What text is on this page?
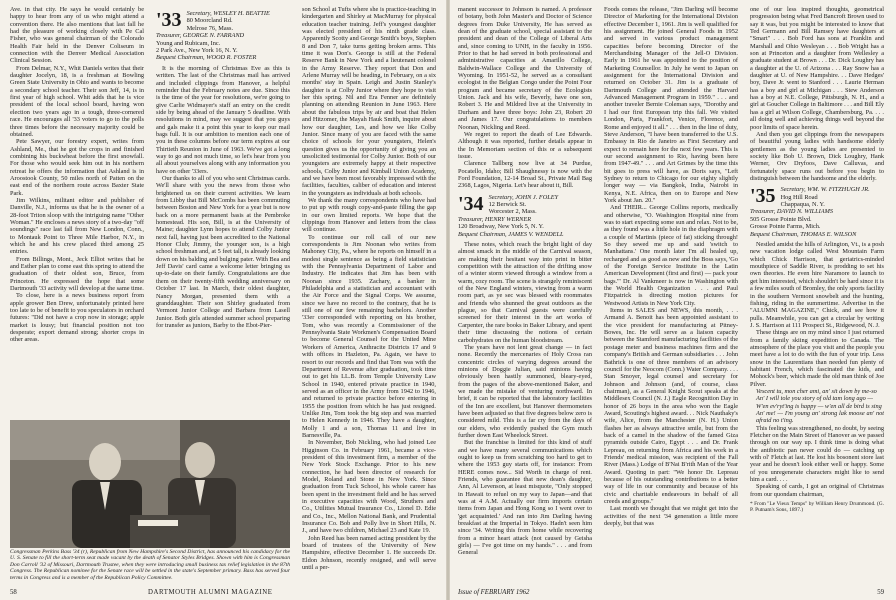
Ave. in that city. He says he would certainly be happy to hear from any of us who might attend a convention there. He also mentions that last fall he had the pleasure of working closely with Pe Cal Fisher, who was general chairman of the Colorado Health Fair held in the Denver Coliseum in connection with the Denver Medical Association Clinical Session.

From Delmar, N.Y., Whit Daniels writes that their daughter Jocelyn, 18, is a freshman at Bowling Green State University in Ohio and wants to become a secondary school teacher. Their son Jeff, 14, is in first year of high school. Whit adds that he is vice president of the local school board, having won election two years ago in a tough, three-cornered race. He encourages all '33 voters to go to the polls three times before the necessary majority could be obtained.

Pete Sawyer, our forestry expert, writes from Ashland, Me., that he got the crops in and finished combining his buckwheat before the first snowfall. For those who would seek him out in his northern retreat he offers the information that Ashland is in Aroostook County, 50 miles north of Patten on the east end of the northern route across Baxter State Park.

Jim Wilkins, militant editor and publisher of Danville, N.J., informs us that he is the owner of a 28-foot Triton sloop with the intriguing name "Other Woman." He encloses a news story of a two-day "off soundings" race last fall from New London, Conn., to Montauk Point to Three Mile Harbor, N.Y., in which he and his crew placed third among 25 entries.

From Billings, Mont., Jeck Elliot writes that he and Esther plan to come east this spring to attend the graduation of their oldest son, Bruce, from Princeton. He expressed the hope that some Dartmouth '33 activity will develop at the same time.

To close, here is a news business report from apple grower Ben Drew, unfortunately printed here too late to be of benefit to you speculators in orchard futures: "Did not have a crop now in storage; apple market is lousy; but financial position not too desperate; export demand strong; shorter crops in other areas.

'33 Secretary, WESLEY H. BEATTIE
80 Moorcland Rd.
Melrose 76, Mass.
Treasurer, GEORGE N. FARRAND
Young and Rubicam, Inc.
2 Park Ave., New York 16, N. Y.
Bequest Chairman, WOOD R. FOSTER

It is the morning of Christmas Eve as this is written. The last of the Christmas mail has arrived and included clippings from Hanover, a helpful reminder that the February notes are due. Since this is the time of the year for resolutions, we're going to give Carlie Widmayer's staff an entry on the credit side by being ahead of the January 5 deadline. With resolutions in mind, may we suggest that you guys and gals make it a point this year to keep our mail bags full. It is our ambition to mention each one of you in these columns before our term expires at our Thirtieth Reunion in June of 1963. We've got a long way to go and not much time, so let's hear from you all about yourselves along with any information you have on other '33ers.

Our thanks to all of you who sent Christmas cards. We'll share with you the news from those who brightened us on their current activities. We learn from Libby that Bill McCombs has been commuting between Boston and New York for a year but is now back on a more permanent basis at the Pembroke homestead. His son, Bill, is at the University of Maine; daughter Lynn hopes to attend Colby Junior next fall, having just been accredited to the National Honor Club; Jimmy, the younger son, is a high school freshman and, at 5 feet tall, is already looking down on his balding and bulging pater. With Bea and Jeff Davis' card came a welcome letter bringing us up-to-date on their family. Congratulations are due them on their twenty-fifth wedding anniversary on October 17 last. In March, their oldest daughter, Nancy Morgan, presented them with a granddaughter. Their son Shirley graduated from Vermont Junior College and Barbara from Lasell Junior. Both girls attended summer school preparing for transfer as juniors, Barby to the Ebot-Pier-

son School at Tufts where she is practice-teaching in kindergarten and Shirley at MacMurray for physical education teacher training. Jeff's youngest daughter was elected president of his ninth grade class. Apparently Scotty and George Smith's boys, Stephen 8 and Don 7, take turns getting broken arms. This time it was Don's. George is still at the Federal Reserve Bank in New York and a lieutenant colonel in the Army Reserve. They report that Don and Arlene Murray will be heading, in February, on a six months' stay in Spain. Leigh and Justin Stanley's daughter is at Colby Junior where they hope to visit her this spring. Nil and Era Fenner are definitely planning on attending Reunion in June 1963. Here about the fabulous trips by air and boat that Helen and Hitzomer, the Mayah Hauk Smith, inquire about how our daughter, Les, and how we like Colby Junior. Since many of you are faced with the same choice of schools for your youngsters, Helen's question gives us the opportunity of giving you an unsolicited testimonial for Colby Junior. Both of our youngsters are extremely happy at their respective schools, Colby Junior and Kimball Union Academy, and we have been most favorably impressed with the facilities, faculties, caliber of education and interest in the youngsters as individuals at both schools.

We thank the many correspondents who have had to put up with rough copy-and-paste filling the gap in our own limited reports. We hope that the clippings from Hanover and letters from the class will continue.

To continue our roll call of our new correspondents is Jim Noonan who writes from Mahoney City, Pa., where he reports on himself in a modest single sentence as being a field statistician with the Pennsylvania Department of Labor and Industry. He indicates that Jim has been with Noonan since 1935. Zachary, a banker in Philadelphia and a statistician and accountant with the Air Force and the Signal Corps. We assume, since we have no record to the contrary, that he is still one of our few remaining bachelors. Another '33er corresponded with reporting on his brother, Tom, who was recently a Commissioner of the Pennsylvania State Workmen's Compensation Board to become General Counsel for the United Mine Workers of America, Anthracite Districts 17 and 9 with offices in Hazleton, Pa. Again, we have to resort to our records and find that Tom was with the Department of Revenue after graduation, took time out to get his LL.B. from Temple University Law School in 1940, entered private practice in 1940, served as an officer in the Army from 1942 to 1946, and returned to private practice before entering in 1955 the position from which he has just resigned. Unlike Jim, Tom took the big step and was married to Helen Kennedy in 1946. They have a daughter, Molly 1 and a son, Thomas 11 and live in Barnesville, Pa.

In November, Bob Nickling, who had joined Lee Higginson Co. in February 1961, became a vice-president of this investment firm, a member of the New York Stock Exchange. Prior to his new connection, he had been director of research for Model, Roland and Stone in New York. Since graduation from Tuck School, his whole career has been spent in the investment field and he has served in executive capacities with Wood, Struthers and Co., Utilities Mutual Insurance Co., Lionel D. Edie and Co., Inc., Mellon National Bank, and Prudential Insurance Co. Bob and Polly live in Short Hills, N. J., and have two children, Michael 23 and Kate 19.

John Reed has been named acting president by the board of trustees of the University of New Hampshire, effective December 1. He succeeds Dr. Eldon Johnson, recently resigned, and will serve until a per-

Congressman Perkins Bass '34 (r), Republican from New Hampshire's Second District, has announced his candidacy for the U. S. Senate to fill the short-term seat made vacant by the death of Senator Styles Bridges. Shown with him is Congressman Don Carroll '32 of Missouri, Dartmouth Trustee, when they were introducing small business tax relief legislation in the 87th Congress. The Republican nominee for the Senate race will be settled in the state's September primary. Bass has served four terms in Congress and is a member of the Republican Policy Committee.
58	DARTMOUTH ALUMNI MAGAZINE

manent successor to Johnson is named. A professor of botany, both John Master's and Doctor of Science degrees from Duke University, He has served as dean of the graduate school, special assistant to the president and dean of the College of Liberal Arts and, since coming to UNH, in the faculty in 1956. Prior to that he had served in both professional and administrative capacities at Amarillo College, Baldwin-Wallace College and the University of Wyoming. In 1951-52, he served as a consultant ecologist in the Belgian Congo under the Point Four program and became secretary of the Ecologists Union. Jack and his wife, Beverly, have one son, Robert 3. He and Mildred live at the University in Durham and have three boys: John 23, Robert 20 and James 17. Our congratulations to members Noonan, Nickling and Reed.

We regret to report the death of Lee Edwards. Although it was reported, further details appear in the In Memoriam section of this or a subsequent issue.

Clarence Tallberg now live at 34 Purdue, Pocatello, Idaho; Bill Shaughnessy is now with the Ford Foundation, 12-14 Broad St., Private Mail Bag 2368, Lagos, Nigeria. Let's hear about it, Bill.

'34 Secretary, JOHN J. FOLEY
12 Berwick St.
Worcester 2, Mass.
Treasurer, HENRY WERNER
120 Broadway, New York 5, N. Y.
Bequest Chairman, JAMES V. WENDELL

These notes, which reach the bright light of day almost smack in the middle of the Carnival season, are making their hesitant way into print in bitter competition with the attraction of the drifting snow of a winter storm viewed through a window from a warm, cozy room. The scene is strangely reminiscent of the New England winters, viewing from a warm room part, as ye sec was blessed with roommates and friends who shunned the great outdoors as the plague, so that Carnival guests were carefully screened for their interest in the art works of Carpenter, the rare books in Baker Library, and spent their time discussing the notions of certain carbohydrates on the human bloodstream.

The years have not lent great change — in fact none. Recently the mercenaries of Holy Cross ran concentric circles of varying degrees around the minions of Doggie Julian, said minions having obviously been hastily summoned, bleary-eyed, from the pages of the above-mentioned Baker, and we made the mistake of venturing northward. In brief, it can be reported that the laboratory facilities of the Inn are excellent, but Hanover thermometers have been adjusted so that five degrees below zero is considered mild. This is a far cry from the days of our elders, who evidently pushed the Gym much further down East Wheelock Street.

But the franchise is limited for this kind of stuff and we have many several communications which ought to keep us from scratching too hard to get to where the 1953 guy starts off, for instance: From HERE comes now... Sid Worth in charge of rent. Friends, who guarantee that new dean's daughter, Ann, Al Levenson, at least misquote, "Only stopped in Hawaii to refuel on my way to Japan—and that was at 4 A.M. Actually our firm imports certain items from Japan and Hong Kong so I went over to 'get acquainted.' And ran into Jim Darling having breakfast at the Imperial in Tokyo. Hadn't seen him since '34. Writing this from home while recovering from a minor heart attack (not caused by Geisha girls) — I've got time on my hands." . . . and from General

Foods comes the release, "Jim Darling will become Director of Marketing for the International Division effective December 1, 1961. Jim is well qualified for his assignment. He joined General Foods in 1952 and served in various product management capacities before becoming Director of the Merchandising Manager of the Jell-O Division. Early in 1961 he was appointed to the position of Marketing Counsellor. In July he went to Japan on assignment for the International Division and returned on October 31. Jim is a graduate of Dartmouth College and attended the Harvard Advanced Management Program in 1959." . . . and another traveler Bernie Coleman says, "Dorothy and I had our first European trip this fall. We visited London, Paris, Frankfort, Venice, Florence, and Rome and enjoyed it all." . . . then in the line of duty, Steve Anderson, "I have been transferred to the U.S. Embassy in Rio de Janeiro as First Secretary and expect to remain here for the next few years. This is our second assignment to Rio, having been here from 1947-49." . . . and Art Grimes by the time this bit goes to press will have, as Doris says, "Left Sydney to return to Chicago for our eighty slightly longer way — via Bangkok, India, Nairobi in Kenya, N.E. Africa, then on to Europe and New York about Jan. 20."

And THEIR... George Collins reports, medically and otherwise, "O. Washington Hospital nine from was to start expecting some sun and relax. Not to be, as they found was a little hole in the diaphragm with a couple of Martinis (piece of fat) sticking through! So they sewed me up and said 'switch to Manhattans.' One month later I'm all healed up, recharged and as good as new and the Boss says, 'Go of the Foreign Service Institute in the Latin American Development (first and first) — pack your bags.'" Dr. Al Vankmeer is now in Washington with the World Health Organization . . . and Paul Fitzpatrick is directing motion pictures for Westwood Artists in New York City.

Items in SALES and NEWS, this month, . . . Armand A. Benoit has been appointed assistant to the vice president for manufacturing at Pitney-Bowes, Inc. He will serve as a liaison capacity between the Stamford manufacturing facilities of the postage meter and business machines firm and the company's British and German subsidiaries . . . John Bathrick is one of three members of an advisory council for the Neocom (Conn.) Water Company. . . . Stan Smoyer, legal counsel and secretary for Johnson and Johnson (and, of course, class chairman), as a General Knight Scout speaks at the Middlesex Council (N. J.) Eagle Recognition Day in honor of 26 boys in the area who won the Eagle Award, Scouting's highest award. . . Nick Nauthaky's wife, Alice, from the Manchester (N. H.) Union flashes her as always attractive smile, but from the back of a camel in the shadow of the famed Giza pyramids outside Cairo, Egypt . . . and Dr. Frank Lepreau, on returning from Africa and his work in a Friends' medical mission, was recipient of the Fall River (Mass.) Lodge of B'Nai B'rith Man of the Year Award. Quoting in part: "We honor Dr. Lepreau because of his outstanding contributions to a better way of life in our community and because of his civic and charitable endeavours in behalf of all creeds and groups."

Last month we thought that we might get into the activities of the next '34 generation a little more deeply, but that was

one of our less inspired thoughts, geometrical progression being what Fred Bancroft Brown used to say it was, but you might be interested to know that Ted Germann and Bill Ramsey have daughters at "Smart" . . . Bob Ford has sons at Franklin and Marshall and Ohio Wesleyan . . . Bob Wright has a son at Princeton and a daughter from Wellesley a graduate student at Brown . . . Dr. Dick Loughry has a daughter at the U. of Arizona . . . Ray Snow has a daughter at U. of New Hampshire. . . Dave Hedges' boy, Dave Jr. went to Stanford . . . Laurie Herman has a boy and girl at Michigan . . . Stew Anderson has a boy at N.E. College, Pittsburgh, N. H., and a girl at Goucher College in Baltimore . . . and Bill Ely has a girl at Wilson College, Chambersburg, Pa. . . . all doing well and achieving things well beyond the poor limits of space herein.

And then you get clippings from the newspapers of beautiful young ladies with handsome elderly gentlemen as the young ladies are presented to society like Bob U. Brown, Dick Loughry, Hank Werner, Orv Dryfoos, Dave Calluvas, and fortunately space runs out before you begin to distinguish between the handsome and the elderly.

'35 Secretary, WM. W. FITZHUGH JR.
Hog Hill Road
Chappaqua, N. Y.
Treasurer, DAVID N. WILLIAMS
505 Grosse Pointe Blvd.
Grosse Pointe Farms, Mich.
Bequest Chairman, THOMAS E. WILSON

Nestled amidst the hills of Arlington, Vt., is a posh new vacation lodge called West Mountain Farm which Chick Harrison, that geriatrics-minded mouthpiece of Saddle River, is prodding to set his own theories. He even hire Naramore to launch to get him interested, which shouldn't be hard since it is a few miles south of Bromley, the only sports facility in the southern Vermont snowbelt and the hunting, fishing, riding in the summertime. Advertise in the "ALUMNI MAGAZINE," Chick, and see how it pulls. Meanwhile, you can get a circular by writing J. S. Harrison at 111 Prospect St., Ridgewood, N. J.

These things are on my mind since I just returned from a family skiing expedition to Canada. The atmosphere of the place you visit and the people you meet have a lot to do with the fun of your trip. Less snow in the Laurentians than needed fun plenty of habitant French, which fascinated the kids, and Mohock's beer, which made the old man think of Joe Pilver.

Vescent tu, mon cher ami, an' sit down by me-so
An' I will tole you story of old tam long ago —
W'en ev'ryt'ing is happy — w'en all de bird is sing
An' me! — I'm young an' strong lak moose an' not afraid no t'ing.

This feeling was strengthened, no doubt, by seeing Fletcher on the Main Street of Hanover as we passed through on our way up. I think time is doing what the antibiotic pan never could do — catching up with ol' Fletch at last. He lost his bosonent store last year and he doesn't look either well or happy. Some of you unregenerate characters might like to send him a card. . . .

Speaking of cards, I got an original of Christmas from our quondam chairman,

* From "Le Vieux Temps" by William Henry Drummond. (G. P. Putnam's Sons, 1897.)

Issue of FEBRUARY 1962	59
